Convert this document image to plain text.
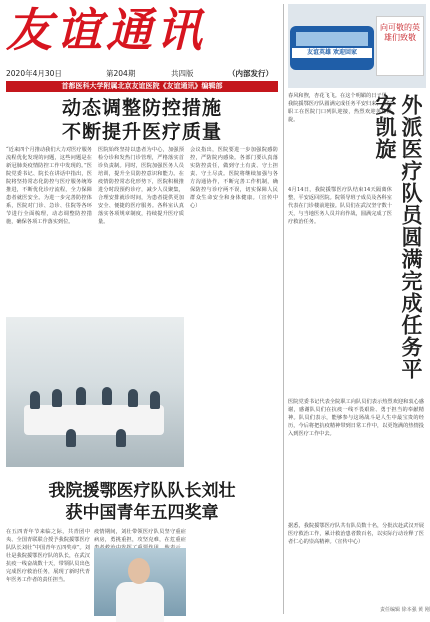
友谊通讯
2020年4月30日	第204期	共四版	（内部发行）
首都医科大学附属北京友谊医院《友谊通讯》编辑部
动态调整防控措施
不断提升医疗质量
“近来四个月推动我们大力对医疗服务流程优化发现的问题，这些问题是在新冠肺炎疫情防控工作中发现的。”医院党委书记、院长在讲话中指出，医院将坚持常态化防控与医疗服务统筹推进，不断优化诊疗流程，全力保障患者就医安全。为进一步完善防控体系，医院对门诊、急诊、住院等各环节进行全面梳理，动态调整防控措施，确保各项工作落实到位。
医院始终坚持以患者为中心，加强预检分诊和发热门诊管理，严格落实首诊负责制。同时，医院加强医务人员培训，提升全员防控意识和能力。在疫情防控常态化形势下，医院积极推进分时段预约诊疗，减少人员聚集，合理安排就诊时间，为患者提供更加安全、便捷的医疗服务。各科室认真落实各项规章制度，持续提升医疗质量。
会议指出，医院要进一步加强院感防控，严防院内感染。各部门要认真落实防控责任，做到守土有责、守土担责、守土尽责。医院将继续加强与各方沟通协作，不断完善工作机制，确保防控与诊疗两不误，切实保障人民群众生命安全和身体健康。（宣传中心）
我院援鄂医疗队队长刘壮
获中国青年五四奖章
在五四青年节来临之际，共青团中央、全国青联联合授予我院援鄂医疗队队长刘壮“中国青年五四奖章”。刘壮是我院援鄂医疗队的队长，在武汉抗疫一线奋战数十天，带领队员出色完成医疗救治任务，展现了新时代青年医务工作者的责任担当。
疫情期间，刘壮带领医疗队员坚守重症病房，勇挑重担，攻坚克难，在危重症
友谊英雄 欢迎回家
向可敬的英雄们致敬
春风和煦，杏花飞飞。在这个明媚的日子里，我院援鄂医疗队圆满完成任务平安归来，全院职工在医院门口列队迎接，热烈欢迎英雄凯旋。	外派医疗队员圆满完成任务平安凯旋
4月14日，我院援鄂医疗队结束14天隔离休整，平安返回医院。院领导班子成员及各科室代表在门诊楼前迎接。队员们在武汉坚守数十天，与当地医务人员并肩作战，圆满完成了医疗救治任务。
医院党委书记代表全院职工向队员们表示热烈欢迎和衷心感谢，感谢队员们在抗疫一线不畏艰险、勇于担当的奉献精神。队员们表示，能够参与这场战斗是人生中最宝贵的经历，今后将把抗疫精神带到日常工作中，以更饱满的热情投入到医疗工作中去。
据悉，我院援鄂医疗队共有队员数十名，分批次赴武汉开展医疗救治工作，累计救治患者数百名，以实际行动诠释了医者仁心的崇高精神。（宣传中心）
责任编辑 徐本强 黄 刚
